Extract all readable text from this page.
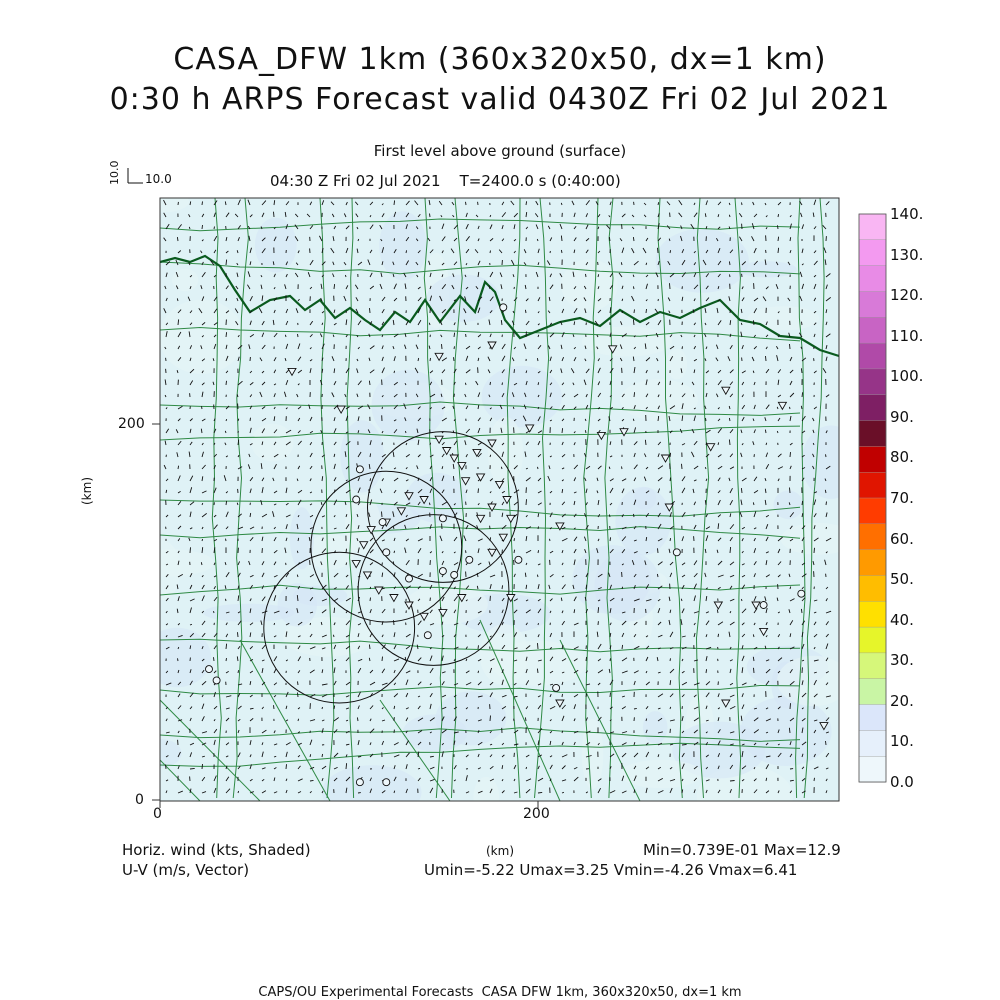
CASA_DFW 1km (360x320x50, dx=1 km)
0:30 h ARPS Forecast valid 0430Z Fri 02 Jul 2021
First level above ground (surface)
04:30 Z Fri 02 Jul 2021    T=2400.0 s (0:40:00)
10.0
10.0
200
0
0	200
(km)
(km)
Horiz. wind (kts, Shaded)
U-V (m/s, Vector)
Min=0.739E-01 Max=12.9
Umin=-5.22 Umax=3.25 Vmin=-4.26 Vmax=6.41
CAPS/OU Experimental Forecasts  CASA DFW 1km, 360x320x50, dx=1 km
140.
130.
120.
110.
100.
90.
80.
70.
60.
50.
40.
30.
20.
10.
0.0
